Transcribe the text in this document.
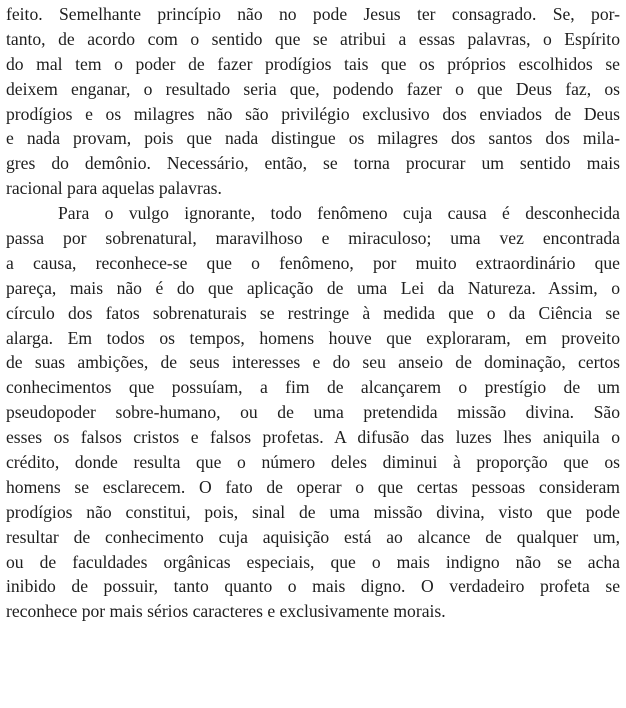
feito. Semelhante princípio não no pode Jesus ter consagrado. Se, por-
tanto, de acordo com o sentido que se atribui a essas palavras, o Espírito
do mal tem o poder de fazer prodígios tais que os próprios escolhidos se
deixem enganar, o resultado seria que, podendo fazer o que Deus faz, os
prodígios e os milagres não são privilégio exclusivo dos enviados de Deus
e nada provam, pois que nada distingue os milagres dos santos dos mila-
gres do demônio. Necessário, então, se torna procurar um sentido mais
racional para aquelas palavras.
Para o vulgo ignorante, todo fenômeno cuja causa é desconhecida
passa por sobrenatural, maravilhoso e miraculoso; uma vez encontrada
a causa, reconhece-se que o fenômeno, por muito extraordinário que
pareça, mais não é do que aplicação de uma Lei da Natureza. Assim, o
círculo dos fatos sobrenaturais se restringe à medida que o da Ciência se
alarga. Em todos os tempos, homens houve que exploraram, em proveito
de suas ambições, de seus interesses e do seu anseio de dominação, certos
conhecimentos que possuíam, a fim de alcançarem o prestígio de um
pseudopoder sobre-humano, ou de uma pretendida missão divina. São
esses os falsos cristos e falsos profetas. A difusão das luzes lhes aniquila o
crédito, donde resulta que o número deles diminui à proporção que os
homens se esclarecem. O fato de operar o que certas pessoas consideram
prodígios não constitui, pois, sinal de uma missão divina, visto que pode
resultar de conhecimento cuja aquisição está ao alcance de qualquer um,
ou de faculdades orgânicas especiais, que o mais indigno não se acha
inibido de possuir, tanto quanto o mais digno. O verdadeiro profeta se
reconhece por mais sérios caracteres e exclusivamente morais.
